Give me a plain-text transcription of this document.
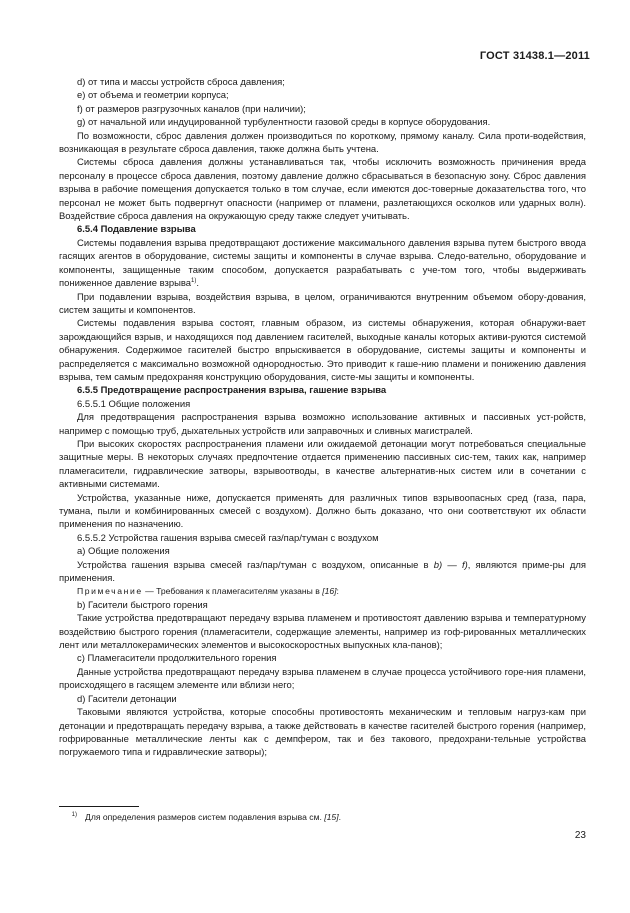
ГОСТ 31438.1—2011

d) от типа и массы устройств сброса давления;

е) от объема и геометрии корпуса;

f) от размеров разгрузочных каналов (при наличии);

g) от начальной или индуцированной турбулентности газовой среды в корпусе оборудования.

По возможности, сброс давления должен производиться по короткому, прямому каналу. Сила проти-водействия, возникающая в результате сброса давления, также должна быть учтена.

Системы сброса давления должны устанавливаться так, чтобы исключить возможность причинения вреда персоналу в процессе сброса давления, поэтому давление должно сбрасываться в безопасную зону. Сброс давления взрыва в рабочие помещения допускается только в том случае, если имеются дос-товерные доказательства того, что персонал не может быть подвергнут опасности (например от пламени, разлетающихся осколков или ударных волн). Воздействие сброса давления на окружающую среду также следует учитывать.

6.5.4 Подавление взрыва

Системы подавления взрыва предотвращают достижение максимального давления взрыва путем быстрого ввода гасящих агентов в оборудование, системы защиты и компоненты в случае взрыва. Следо-вательно, оборудование и компоненты, защищенные таким способом, допускается разрабатывать с уче-том того, чтобы выдерживать пониженное давление взрыва$^{1)}$.

При подавлении взрыва, воздействия взрыва, в целом, ограничиваются внутренним объемом обору-дования, систем защиты и компонентов.

Системы подавления взрыва состоят, главным образом, из системы обнаружения, которая обнаружи-вает зарождающийся взрыв, и находящихся под давлением гасителей, выходные каналы которых активи-руются системой обнаружения. Содержимое гасителей быстро впрыскивается в оборудование, системы защиты и компоненты и распределяется с максимально возможной однородностью. Это приводит к гаше-нию пламени и понижению давления взрыва, тем самым предохраняя конструкцию оборудования, систе-мы защиты и компоненты.

6.5.5 Предотвращение распространения взрыва, гашение взрыва

6.5.5.1 Общие положения

Для предотвращения распространения взрыва возможно использование активных и пассивных уст-ройств, например с помощью труб, дыхательных устройств или заправочных и сливных магистралей.

При высоких скоростях распространения пламени или ожидаемой детонации могут потребоваться специальные защитные меры. В некоторых случаях предпочтение отдается применению пассивных сис-тем, таких как, например пламегасители, гидравлические затворы, взрывоотводы, в качестве альтернатив-ных систем или в сочетании с активными системами.

Устройства, указанные ниже, допускается применять для различных типов взрывоопасных сред (газа, пара, тумана, пыли и комбинированных смесей с воздухом). Должно быть доказано, что они соответствуют их области применения по назначению.

6.5.5.2 Устройства гашения взрыва смесей газ/пар/туман с воздухом

а) Общие положения

Устройства гашения взрыва смесей газ/пар/туман с воздухом, описанные в b) — f), являются приме-ры для применения.

Примечание — Требования к пламегасителям указаны в [16]:

b) Гасители быстрого горения

Такие устройства предотвращают передачу взрыва пламенем и противостоят давлению взрыва и температурному воздействию быстрого горения (пламегасители, содержащие элементы, например из гоф-рированных металлических лент или металлокерамических элементов и высокоскоростных выпускных кла-панов);

с) Пламегасители продолжительного горения

Данные устройства предотвращают передачу взрыва пламенем в случае процесса устойчивого горе-ния пламени, происходящего в гасящем элементе или вблизи него;

d) Гасители детонации

Таковыми являются устройства, которые способны противостоять механическим и тепловым нагруз-кам при детонации и предотвращать передачу взрыва, а также действовать в качестве гасителей быстрого горения (например, гофрированные металлические ленты как с демпфером, так и без такового, предохрани-тельные устройства погружаемого типа и гидравлические затворы);

$^{1)}$ Для определения размеров систем подавления взрыва см. [15].
23
